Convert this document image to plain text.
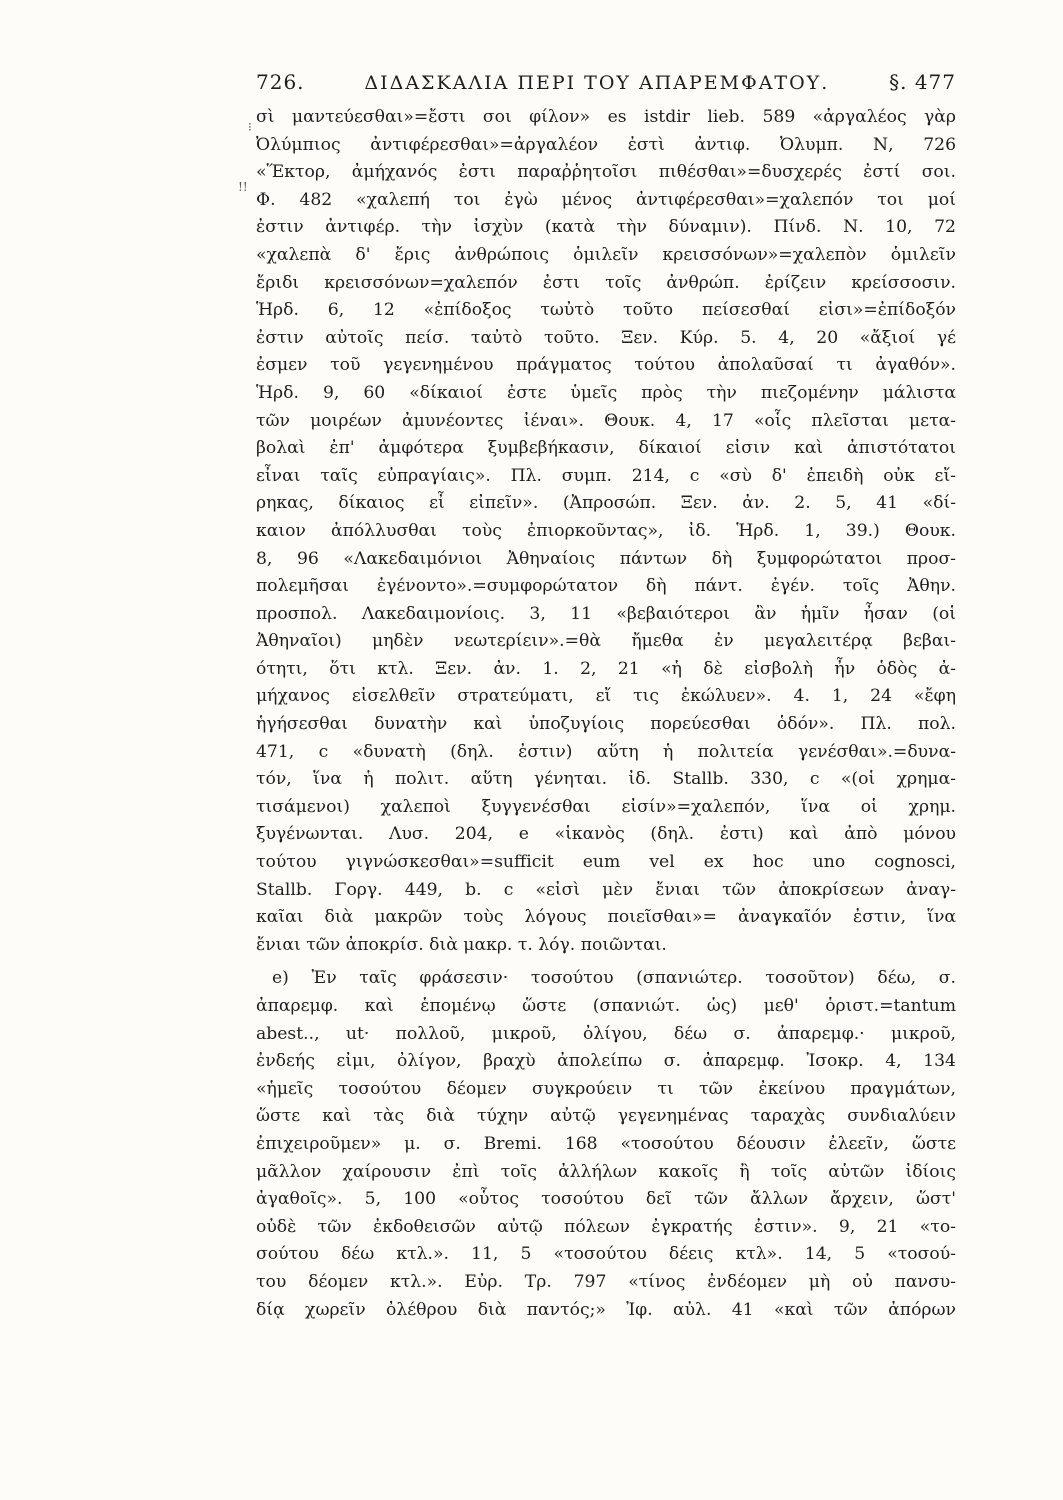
⁝
!!
726.	ΔΙΔΑΣΚΑΛΙΑ ΠΕΡΙ ΤΟΥ ΑΠΑΡΕΜΦΑΤΟΥ.	§. 477
σὶ μαντεύεσθαι»=ἔστι σοι φίλον» es istdir lieb. 589 «ἀργαλέος γὰρ
Ὀλύμπιος ἀντιφέρεσθαι»=ἀργαλέον ἐστὶ ἀντιφ. Ὀλυμπ. Ν, 726
«Ἕκτορ, ἀμήχανός ἐστι παραῤῥητοῖσι πιθέσθαι»=δυσχερές ἐστί σοι.
Φ. 482 «χαλεπή τοι ἐγὼ μένος ἀντιφέρεσθαι»=χαλεπόν τοι μοί
ἐστιν ἀντιφέρ. τὴν ἰσχὺν (κατὰ τὴν δύναμιν). Πίνδ. Ν. 10, 72
«χαλεπὰ δ' ἔρις ἀνθρώποις ὁμιλεῖν κρεισσόνων»=χαλεπὸν ὁμιλεῖν
ἔριδι κρεισσόνων=χαλεπόν ἐστι τοῖς ἀνθρώπ. ἐρίζειν κρείσσοσιν.
Ἡρδ. 6, 12 «ἐπίδοξος τωὐτὸ τοῦτο πείσεσθαί εἰσι»=ἐπίδοξόν
ἐστιν αὐτοῖς πείσ. ταὐτὸ τοῦτο. Ξεν. Κύρ. 5. 4, 20 «ἄξιοί γέ
ἐσμεν τοῦ γεγενημένου πράγματος τούτου ἀπολαῦσαί τι ἀγαθόν».
Ἡρδ. 9, 60 «δίκαιοί ἐστε ὑμεῖς πρὸς τὴν πιεζομένην μάλιστα
τῶν μοιρέων ἀμυνέοντες ἰέναι». Θουκ. 4, 17 «οἷς πλεῖσται μετα-
βολαὶ ἐπ' ἀμφότερα ξυμβεβήκασιν, δίκαιοί εἰσιν καὶ ἀπιστότατοι
εἶναι ταῖς εὐπραγίαις». Πλ. συμπ. 214, c «σὺ δ' ἐπειδὴ οὐκ εἴ-
ρηκας, δίκαιος εἶ εἰπεῖν». (Ἀπροσώπ. Ξεν. ἀν. 2. 5, 41 «δί-
καιον ἀπόλλυσθαι τοὺς ἐπιορκοῦντας», ἰδ. Ἡρδ. 1, 39.) Θουκ.
8, 96 «Λακεδαιμόνιοι Ἀθηναίοις πάντων δὴ ξυμφορώτατοι προσ-
πολεμῆσαι ἐγένοντο».=συμφορώτατον δὴ πάντ. ἐγέν. τοῖς Ἀθην.
προσπολ. Λακεδαιμονίοις. 3, 11 «βεβαιότεροι ἂν ἡμῖν ἦσαν (οἱ
Ἀθηναῖοι) μηδὲν νεωτερίειν».=θὰ ἤμεθα ἐν μεγαλειτέρᾳ βεβαι-
ότητι, ὅτι κτλ. Ξεν. ἀν. 1. 2, 21 «ἡ δὲ εἰσβολὴ ἦν ὁδὸς ἀ-
μήχανος εἰσελθεῖν στρατεύματι, εἴ τις ἐκώλυεν». 4. 1, 24 «ἔφη
ἡγήσεσθαι δυνατὴν καὶ ὑποζυγίοις πορεύεσθαι ὁδόν». Πλ. πολ.
471, c «δυνατὴ (δηλ. ἐστιν) αὕτη ἡ πολιτεία γενέσθαι».=δυνα-
τόν, ἵνα ἡ πολιτ. αὕτη γένηται. ἰδ. Stallb. 330, c «(οἱ χρημα-
τισάμενοι) χαλεποὶ ξυγγενέσθαι εἰσίν»=χαλεπόν, ἵνα οἱ χρημ.
ξυγένωνται. Λυσ. 204, e «ἱκανὸς (δηλ. ἐστι) καὶ ἀπὸ μόνου
τούτου γιγνώσκεσθαι»=sufficit eum vel ex hoc uno cognosci,
Stallb. Γοργ. 449, b. c «εἰσὶ μὲν ἔνιαι τῶν ἀποκρίσεων ἀναγ-
καῖαι διὰ μακρῶν τοὺς λόγους ποιεῖσθαι»= ἀναγκαῖόν ἐστιν, ἵνα
ἔνιαι τῶν ἀποκρίσ. διὰ μακρ. τ. λόγ. ποιῶνται.
e) Ἐν ταῖς φράσεσιν· τοσούτου (σπανιώτερ. τοσοῦτον) δέω, σ.
ἀπαρεμφ. καὶ ἑπομένῳ ὥστε (σπανιώτ. ὡς) μεθ' ὁριστ.=tantum
abest.., ut· πολλοῦ, μικροῦ, ὀλίγου, δέω σ. ἀπαρεμφ.· μικροῦ,
ἐνδεής εἰμι, ὀλίγον, βραχὺ ἀπολείπω σ. ἀπαρεμφ. Ἰσοκρ. 4, 134
«ἡμεῖς τοσούτου δέομεν συγκρούειν τι τῶν ἐκείνου πραγμάτων,
ὥστε καὶ τὰς διὰ τύχην αὐτῷ γεγενημένας ταραχὰς συνδιαλύειν
ἐπιχειροῦμεν» μ. σ. Bremi. 168 «τοσούτου δέουσιν ἐλεεῖν, ὥστε
μᾶλλον χαίρουσιν ἐπὶ τοῖς ἀλλήλων κακοῖς ἢ τοῖς αὑτῶν ἰδίοις
ἀγαθοῖς». 5, 100 «οὗτος τοσούτου δεῖ τῶν ἄλλων ἄρχειν, ὥστ'
οὐδὲ τῶν ἐκδοθεισῶν αὐτῷ πόλεων ἐγκρατής ἐστιν». 9, 21 «το-
σούτου δέω κτλ.». 11, 5 «τοσούτου δέεις κτλ». 14, 5 «τοσού-
του δέομεν κτλ.». Εὐρ. Τρ. 797 «τίνος ἐνδέομεν μὴ οὐ πανσυ-
δίᾳ χωρεῖν ὀλέθρου διὰ παντός;» Ἰφ. αὐλ. 41 «καὶ τῶν ἀπόρων
